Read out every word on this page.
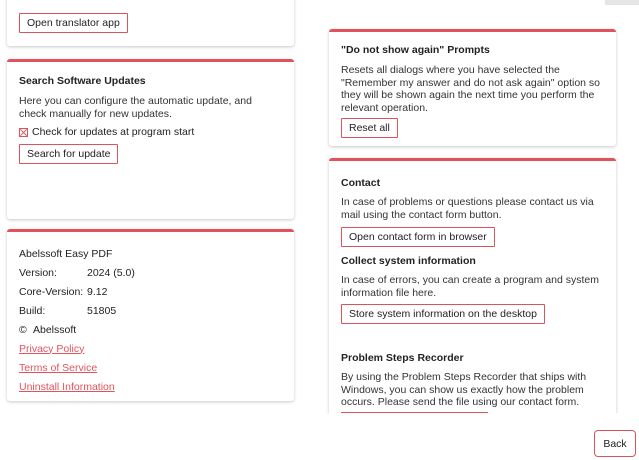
Open translator app
Search Software Updates
Here you can configure the automatic update, and check manually for new updates.
Check for updates at program start
Search for update
Abelssoft Easy PDF
Version:	2024 (5.0)
Core-Version: 9.12
Build:	51805
© Abelssoft
Privacy Policy
Terms of Service
Uninstall Information
"Do not show again" Prompts
Resets all dialogs where you have selected the "Remember my answer and do not ask again" option so they will be shown again the next time you perform the relevant operation.
Reset all
Contact
In case of problems or questions please contact us via mail using the contact form button.
Open contact form in browser
Collect system information
In case of errors, you can create a program and system information file here.
Store system information on the desktop
Problem Steps Recorder
By using the Problem Steps Recorder that ships with Windows, you can show us exactly how the problem occurs. Please send the file using our contact form.
Back
